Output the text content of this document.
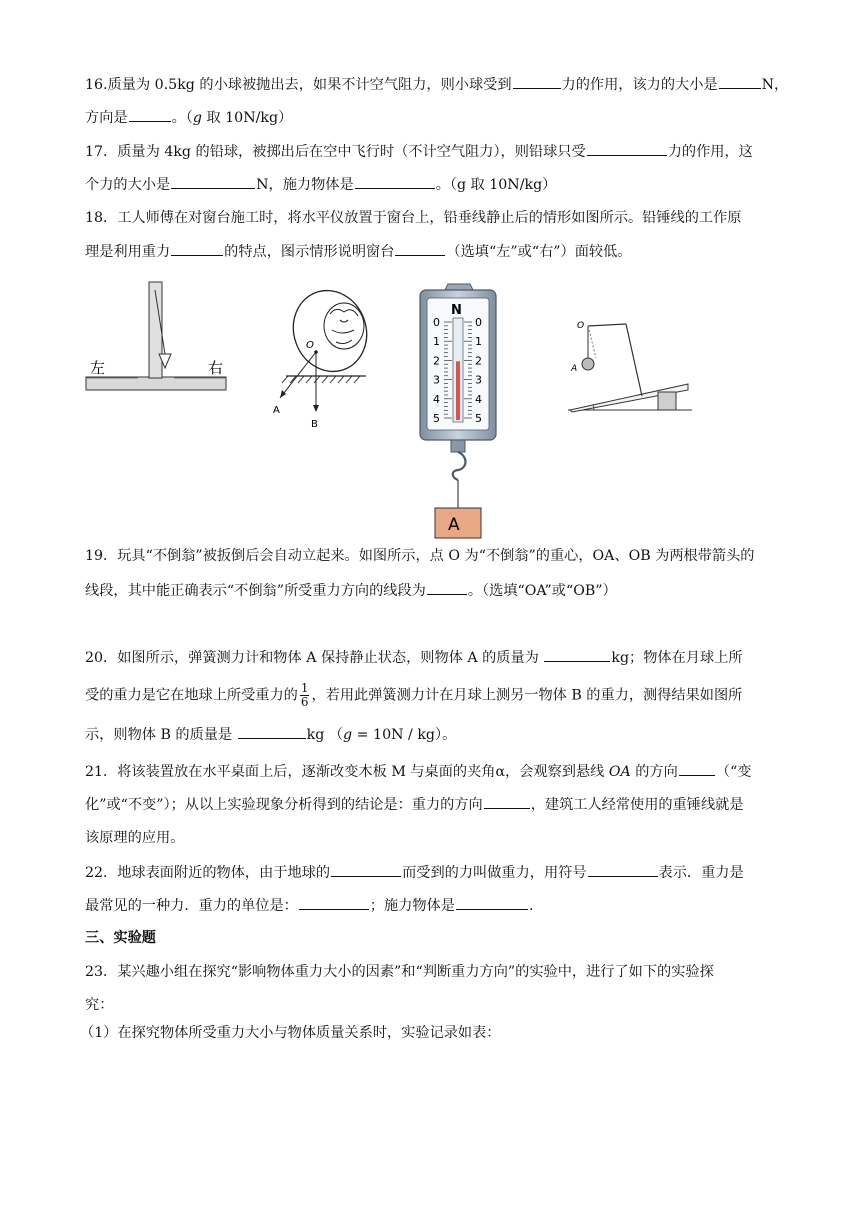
16.质量为 0.5kg 的小球被抛出去，如果不计空气阻力，则小球受到	力的作用，该力的大小是	N，
方向是	。（g 取 10N/kg）
17．质量为 4kg 的铅球，被掷出后在空中飞行时（不计空气阻力），则铅球只受	力的作用，这
个力的大小是	N，施力物体是	。（g 取 10N/kg）
18．工人师傅在对窗台施工时，将水平仪放置于窗台上，铅垂线静止后的情形如图所示。铅锤线的工作原
理是利用重力	的特点，图示情形说明窗台	（选填“左”或“右”）面较低。
左	右
O
A
B
N
0	0
1	1
2	2
3	3
4	4
5	5
A
O
A
19．玩具“不倒翁”被扳倒后会自动立起来。如图所示，点 O 为“不倒翁”的重心，OA、OB 为两根带箭头的
线段，其中能正确表示“不倒翁”所受重力方向的线段为	。（选填“OA”或“OB”）
20．如图所示，弹簧测力计和物体 A 保持静止状态，则物体 A 的质量为	kg；物体在月球上所
受的重力是它在地球上所受重力的 $\frac{1}{6}$ ，若用此弹簧测力计在月球上测另一物体 B 的重力，测得结果如图所
示，则物体 B 的质量是	kg （g = 10N / kg）。
21．将该装置放在水平桌面上后，逐渐改变木板 M 与桌面的夹角α，会观察到悬线 OA 的方向	（“变
化”或“不变”）；从以上实验现象分析得到的结论是：重力的方向	，建筑工人经常使用的重锤线就是
该原理的应用。
22．地球表面附近的物体，由于地球的	而受到的力叫做重力，用符号	表示．重力是
最常见的一种力．重力的单位是：	；施力物体是	.
三、实验题
23．某兴趣小组在探究“影响物体重力大小的因素”和“判断重力方向”的实验中，进行了如下的实验探
究：
（1）在探究物体所受重力大小与物体质量关系时，实验记录如表：
